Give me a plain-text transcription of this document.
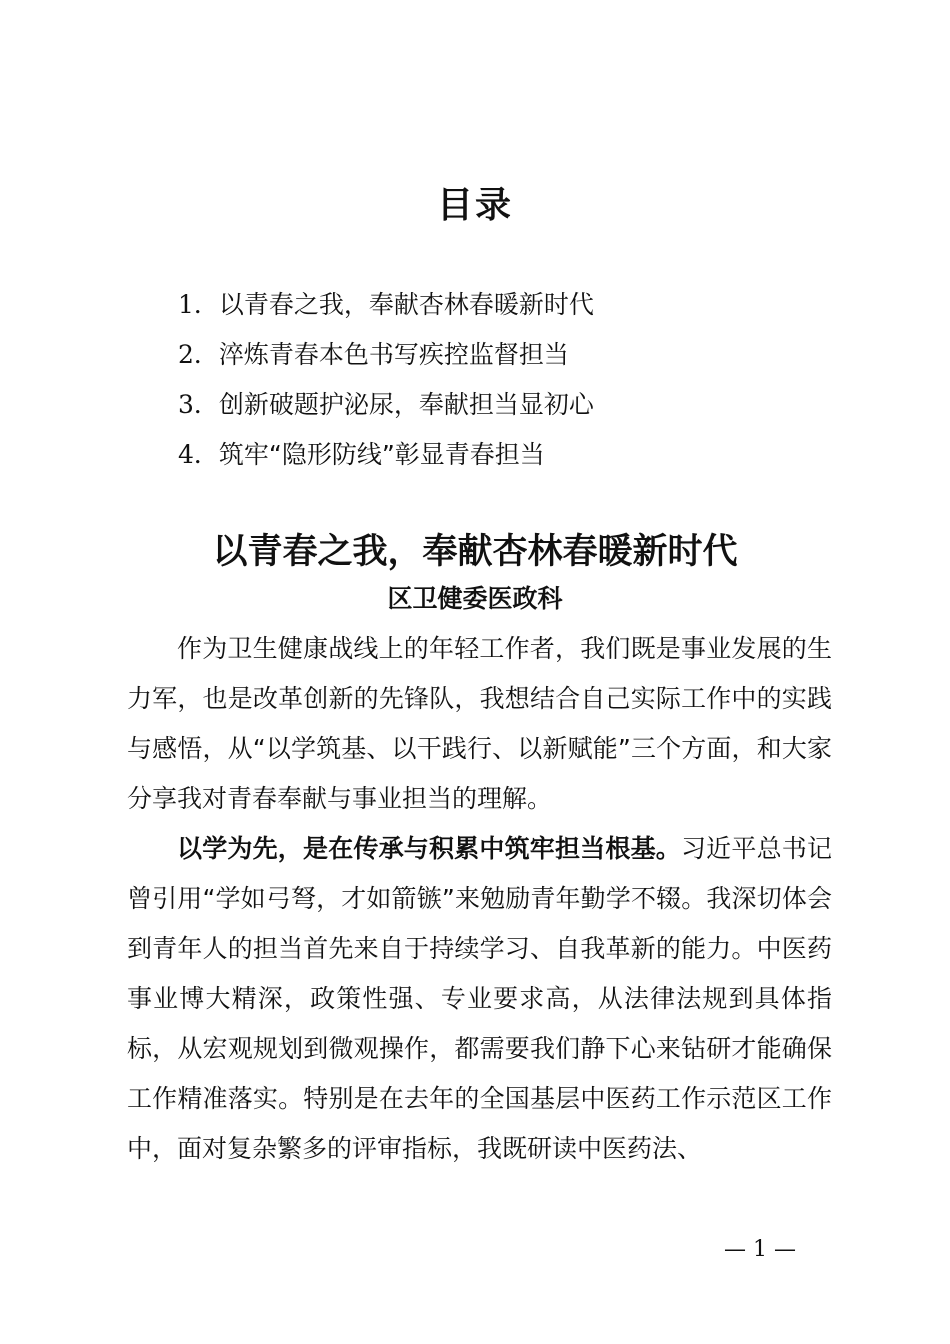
目录
1．以青春之我，奉献杏林春暖新时代
2．淬炼青春本色书写疾控监督担当
3．创新破题护泌尿，奉献担当显初心
4．筑牢“隐形防线”彰显青春担当
以青春之我，奉献杏林春暖新时代
区卫健委医政科

作为卫生健康战线上的年轻工作者，我们既是事业发展的生力军，也是改革创新的先锋队，我想结合自己实际工作中的实践与感悟，从“以学筑基、以干践行、以新赋能”三个方面，和大家分享我对青春奉献与事业担当的理解。

以学为先，是在传承与积累中筑牢担当根基。习近平总书记曾引用“学如弓弩，才如箭镞”来勉励青年勤学不辍。我深切体会到青年人的担当首先来自于持续学习、自我革新的能力。中医药事业博大精深，政策性强、专业要求高，从法律法规到具体指标，从宏观规划到微观操作，都需要我们静下心来钻研才能确保工作精准落实。特别是在去年的全国基层中医药工作示范区工作中，面对复杂繁多的评审指标，我既研读中医药法、

— 1 —
